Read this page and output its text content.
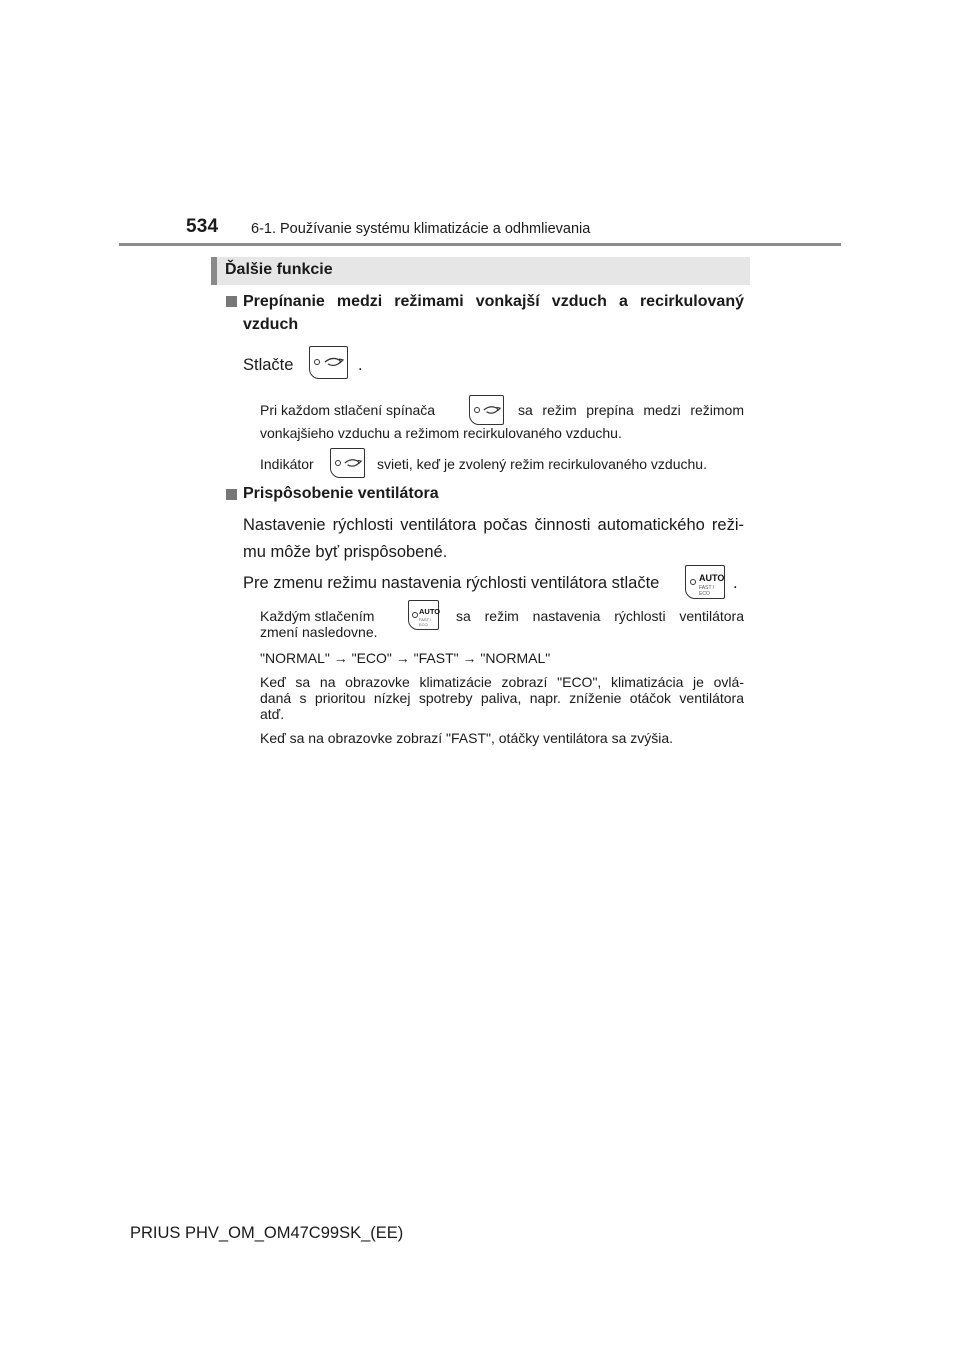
534 6-1. Používanie systému klimatizácie a odhmlievania
Ďalšie funkcie
Prepínanie medzi režimami vonkajší vzduch a recirkulovaný
vzduch
Stlačte	.
Pri každom stlačení spínača	sa režim prepína medzi režimom
vonkajšieho vzduchu a režimom recirkulovaného vzduchu.
Indikátor	svieti, keď je zvolený režim recirkulovaného vzduchu.
Prispôsobenie ventilátora
Nastavenie rýchlosti ventilátora počas činnosti automatického reži-
mu môže byť prispôsobené.
Pre zmenu režimu nastavenia rýchlosti ventilátora stlačte	AUTO
FAST / ECO
.
Každým stlačením	AUTO
FAST / ECO
sa režim nastavenia rýchlosti ventilátora
zmení nasledovne.
"NORMAL" → "ECO" → "FAST" → "NORMAL"
Keď sa na obrazovke klimatizácie zobrazí "ECO", klimatizácia je ovlá-
daná s prioritou nízkej spotreby paliva, napr. zníženie otáčok ventilátora
atď.
Keď sa na obrazovke zobrazí "FAST", otáčky ventilátora sa zvýšia.
PRIUS PHV_OM_OM47C99SK_(EE)
